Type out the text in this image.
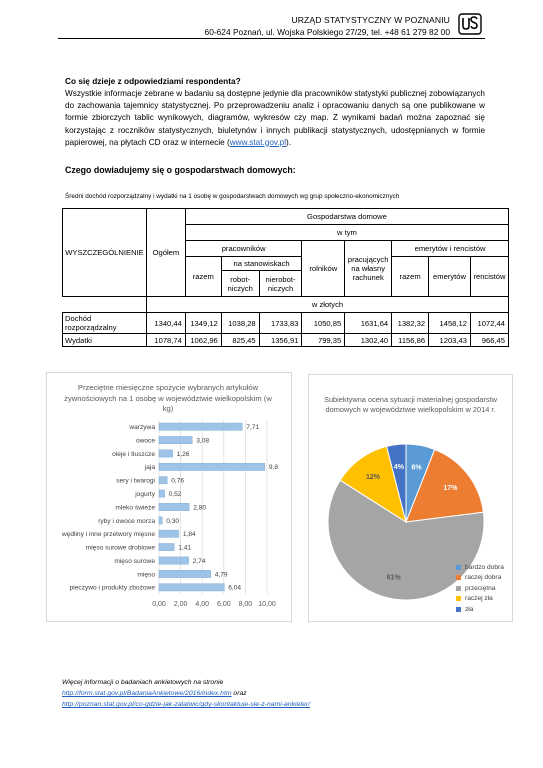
URZĄD STATYSTYCZNY W POZNANIU
60-624 Poznań, ul. Wojska Polskiego 27/29, tel. +48 61 279 82 00
Co się dzieje z odpowiedziami respondenta?
Wszystkie informacje zebrane w badaniu są dostępne jedynie dla pracowników statystyki publicznej zobowiązanych do zachowania tajemnicy statystycznej. Po przeprowadzeniu analiz i opracowaniu danych są one publikowane w formie zbiorczych tablic wynikowych, diagramów, wykresów czy map. Z wynikami badań można zapoznać się korzystając z roczników statystycznych, biuletynów i innych publikacji statystycznych, udostępnianych w formie papierowej, na płytach CD oraz w internecie (www.stat.gov.pl).
Czego dowiadujemy się o gospodarstwach domowych:
Średni dochód rozporządzalny i wydatki na 1 osobę w gospodarstwach domowych wg grup społeczno-ekonomicznych
WYSZCZEGÓLNIENIE	Ogółem	Gospodarstwa domowe							
		w tym							
		pracowników			rolników	pracujących na własny rachunek	emerytów i rencistów		
		razem	na stanowiskach				razem	emerytów	rencistów
			robot-niczych	nierobot-niczych					
	w złotych								
Dochód rozporządzalny	1340,44	1349,12	1038,28	1733,83	1050,85	1631,64	1382,32	1458,12	1072,44
Wydatki	1078,74	1062,96	825,45	1356,91	799,35	1302,40	1156,86	1203,43	966,45
Przeciętne miesięczne spożycie wybranych artykułów żywnościowych na 1 osobę w województwie wielkopolskim (w kg)
0,00 2,00 4,00 6,00 8,00 10,00
warzywa	7,71
owoce	3,08
oleje i tłuszcze	1,26
jaja	9,8
sery i twarogi 0,76
jogurty 0,52
mleko świeże	2,80
ryby i owoce morza 0,30
wędliny i inne przetwory mięsne	1,84
mięso surowe drobiowe	1,41
mięso surowe	2,74
mięso	4,79
pieczywo i produkty zbożowe	6,04
Subiektywna ocena sytuacji materialnej gospodarstw domowych w województwie wielkopolskim w 2014 r.
6%
17%
61%
12%
4%
bardzo dobra
raczej dobra
przeciętna
raczej zła
zła
Więcej informacji o badaniach ankietowych na stronie
http://form.stat.gov.pl/BadaniaAnkietowe/2016/index.htm oraz
http://poznan.stat.gov.pl/co-gdzie-jak-zalatwic/gdy-skontaktuje-sie-z-nami-ankieter/
